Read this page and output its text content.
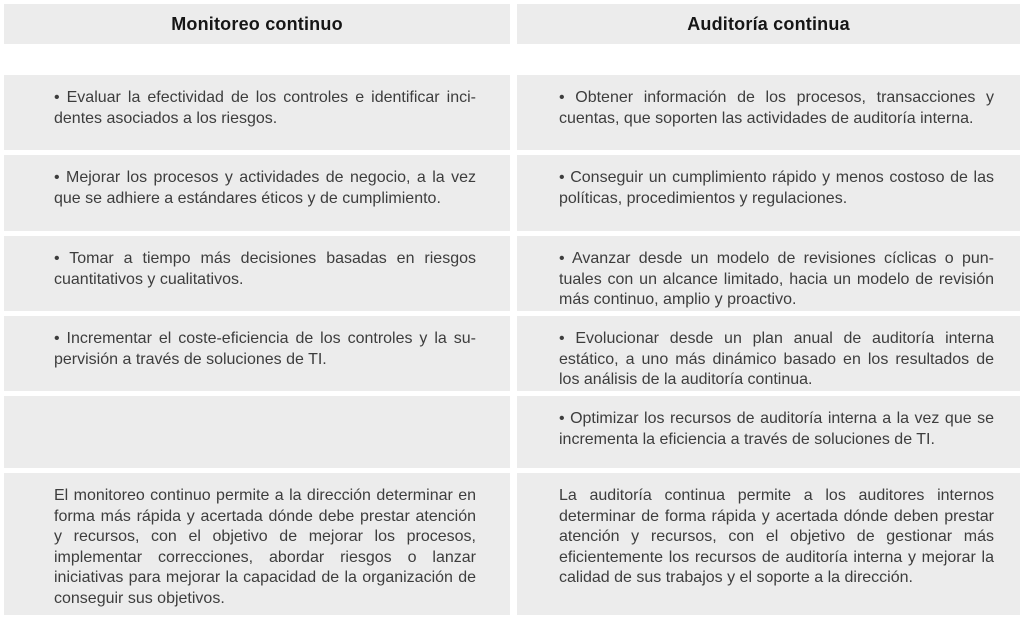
Monitoreo continuo	Auditoría continua
• Evaluar la efectividad de los controles e identificar incidentes asociados a los riesgos.
• Obtener información de los procesos, transacciones y cuentas, que soporten las actividades de auditoría interna.
• Mejorar los procesos y actividades de negocio, a la vez que se adhiere a estándares éticos y de cumplimiento.
• Conseguir un cumplimiento rápido y menos costoso de las políticas, procedimientos y regulaciones.
• Tomar a tiempo más decisiones basadas en riesgos cuantitativos y cualitativos.
• Avanzar desde un modelo de revisiones cíclicas o puntuales con un alcance limitado, hacia un modelo de revisión más continuo, amplio y proactivo.
• Incrementar el coste-eficiencia de los controles y la supervisión a través de soluciones de TI.
• Evolucionar desde un plan anual de auditoría interna estático, a uno más dinámico basado en los resultados de los análisis de la auditoría continua.
• Optimizar los recursos de auditoría interna a la vez que se incrementa la eficiencia a través de soluciones de TI.
El monitoreo continuo permite a la dirección determinar en forma más rápida y acertada dónde debe prestar atención y recursos, con el objetivo de mejorar los procesos, implementar correcciones, abordar riesgos o lanzar iniciativas para mejorar la capacidad de la organización de conseguir sus objetivos.
La auditoría continua permite a los auditores internos determinar de forma rápida y acertada dónde deben prestar atención y recursos, con el objetivo de gestionar más eficientemente los recursos de auditoría interna y mejorar la calidad de sus trabajos y el soporte a la dirección.
